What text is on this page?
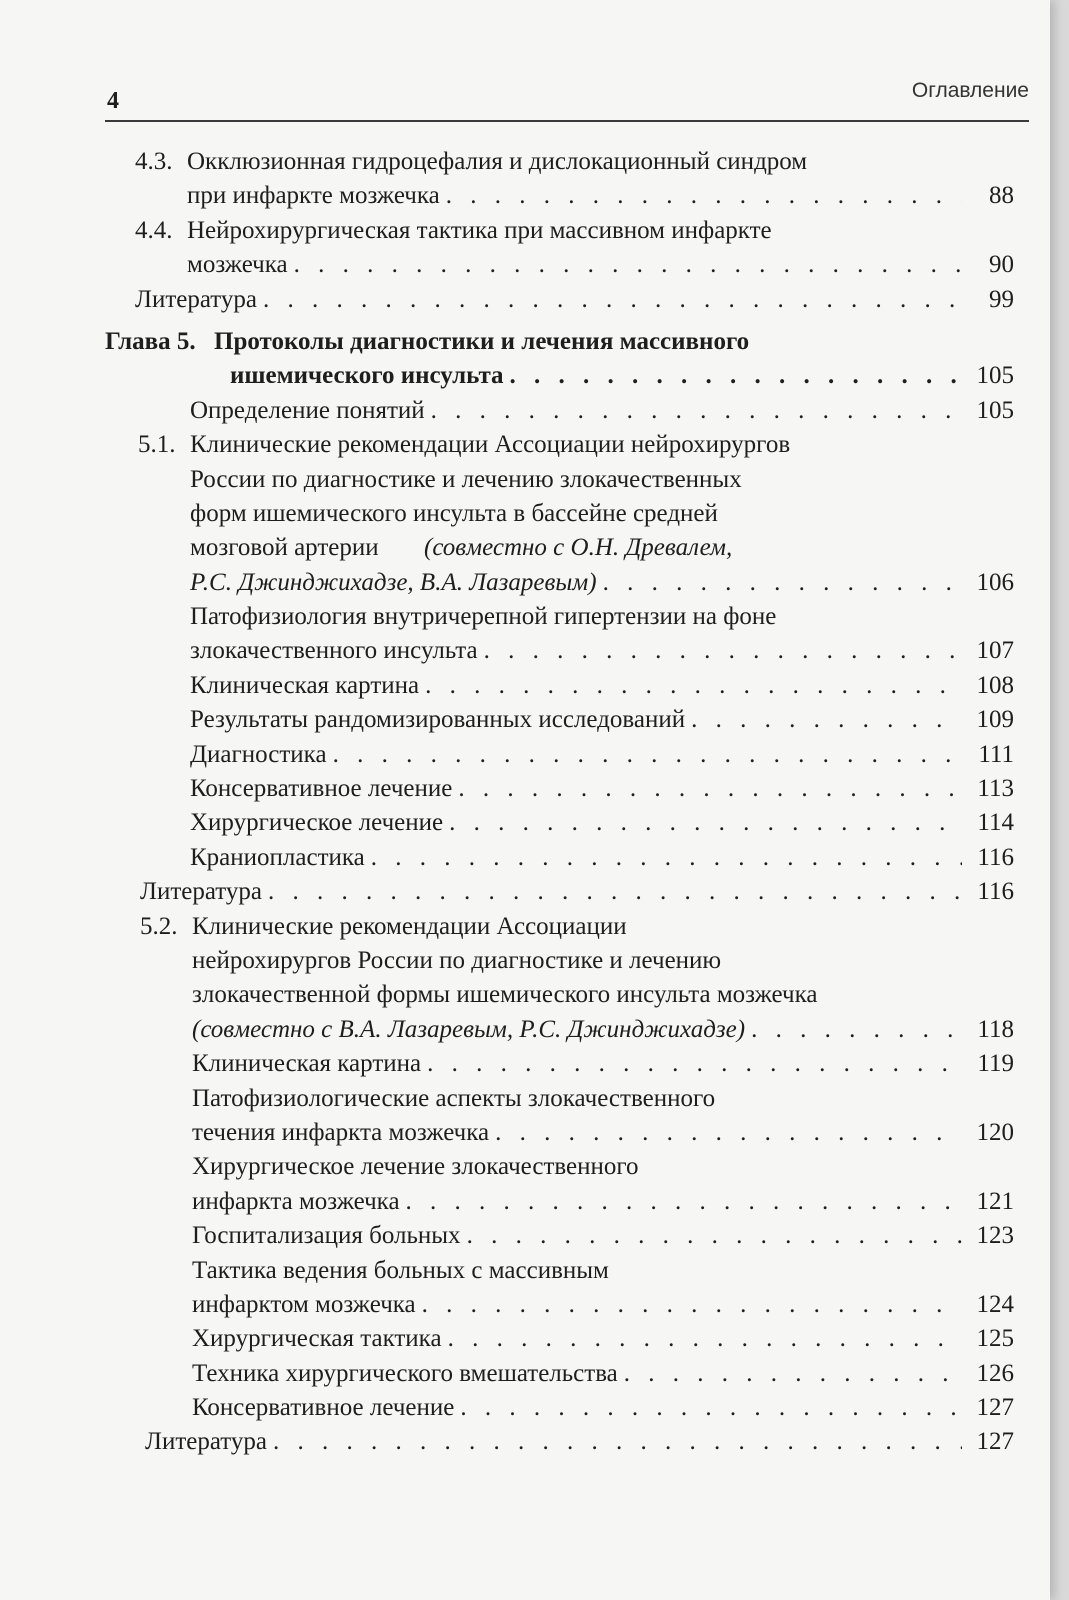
4	Оглавление
4.3. Окклюзионная гидроцефалия и дислокационный синдром
при инфаркте мозжечка . . .	88
4.4. Нейрохирургическая тактика при массивном инфаркте
мозжечка . . .	90
Литература . . .	99
Глава 5. Протоколы диагностики и лечения массивного
ишемического инсульта . . .	105
Определение понятий . . .	105
5.1. Клинические рекомендации Ассоциации нейрохирургов
России по диагностике и лечению злокачественных
форм ишемического инсульта в бассейне средней
мозговой артерии (совместно с О.Н. Древалем,
Р.С. Джинджихадзе, В.А. Лазаревым) . . .	106
Патофизиология внутричерепной гипертензии на фоне
злокачественного инсульта . . .	107
Клиническая картина . . .	108
Результаты рандомизированных исследований . . .	109
Диагностика . . .	111
Консервативное лечение . . .	113
Хирургическое лечение . . .	114
Краниопластика . . .	116
Литература . . .	116
5.2. Клинические рекомендации Ассоциации
нейрохирургов России по диагностике и лечению
злокачественной формы ишемического инсульта мозжечка
(совместно с В.А. Лазаревым, Р.С. Джинджихадзе) . . .	118
Клиническая картина . . .	119
Патофизиологические аспекты злокачественного
течения инфаркта мозжечка . . .	120
Хирургическое лечение злокачественного
инфаркта мозжечка . . .	121
Госпитализация больных . . .	123
Тактика ведения больных с массивным
инфарктом мозжечка . . .	124
Хирургическая тактика . . .	125
Техника хирургического вмешательства . . .	126
Консервативное лечение . . .	127
Литература . . .	127
